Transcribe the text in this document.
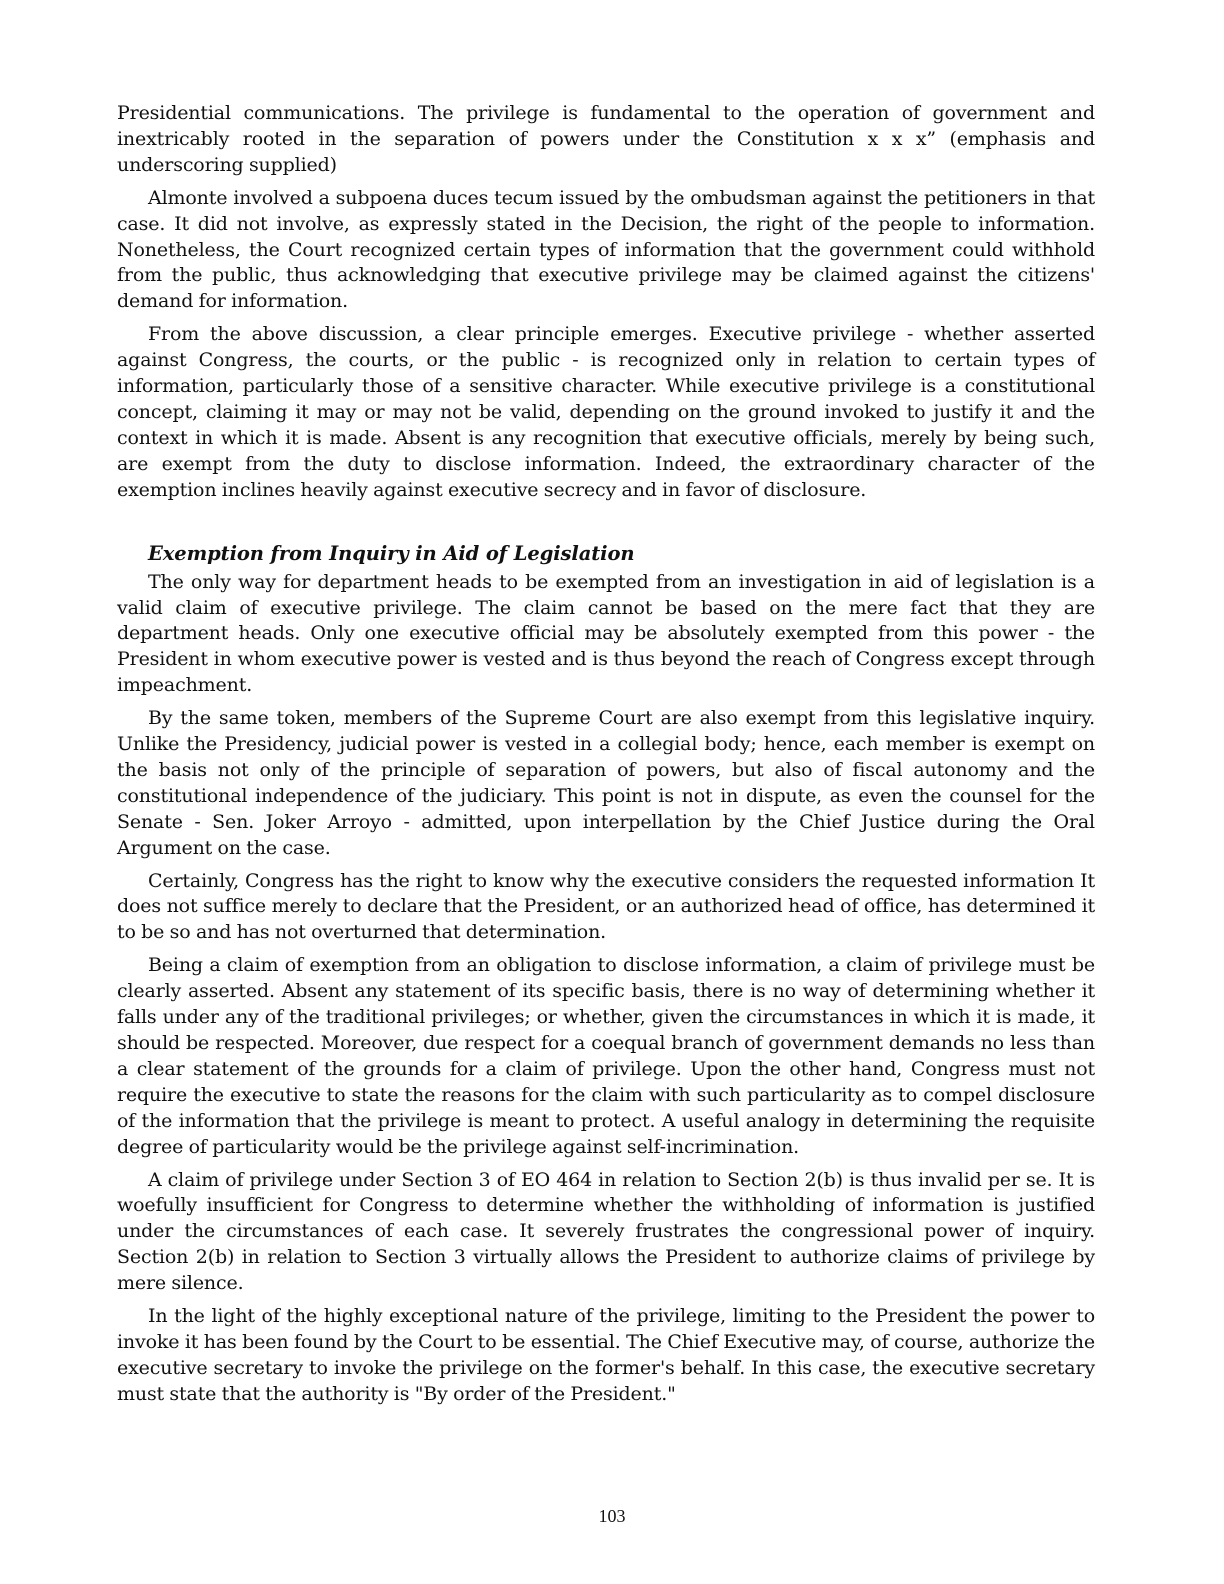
Presidential communications. The privilege is fundamental to the operation of government and inextricably rooted in the separation of powers under the Constitution x x x” (emphasis and underscoring supplied)

Almonte involved a subpoena duces tecum issued by the ombudsman against the petitioners in that case. It did not involve, as expressly stated in the Decision, the right of the people to information. Nonetheless, the Court recognized certain types of information that the government could withhold from the public, thus acknowledging that executive privilege may be claimed against the citizens' demand for information.

From the above discussion, a clear principle emerges. Executive privilege - whether asserted against Congress, the courts, or the public - is recognized only in relation to certain types of information, particularly those of a sensitive character. While executive privilege is a constitutional concept, claiming it may or may not be valid, depending on the ground invoked to justify it and the context in which it is made. Absent is any recognition that executive officials, merely by being such, are exempt from the duty to disclose information. Indeed, the extraordinary character of the exemption inclines heavily against executive secrecy and in favor of disclosure.

Exemption from Inquiry in Aid of Legislation

The only way for department heads to be exempted from an investigation in aid of legislation is a valid claim of executive privilege. The claim cannot be based on the mere fact that they are department heads. Only one executive official may be absolutely exempted from this power - the President in whom executive power is vested and is thus beyond the reach of Congress except through impeachment.

By the same token, members of the Supreme Court are also exempt from this legislative inquiry. Unlike the Presidency, judicial power is vested in a collegial body; hence, each member is exempt on the basis not only of the principle of separation of powers, but also of fiscal autonomy and the constitutional independence of the judiciary. This point is not in dispute, as even the counsel for the Senate - Sen. Joker Arroyo - admitted, upon interpellation by the Chief Justice during the Oral Argument on the case.

Certainly, Congress has the right to know why the executive considers the requested information It does not suffice merely to declare that the President, or an authorized head of office, has determined it to be so and has not overturned that determination.

Being a claim of exemption from an obligation to disclose information, a claim of privilege must be clearly asserted. Absent any statement of its specific basis, there is no way of determining whether it falls under any of the traditional privileges; or whether, given the circumstances in which it is made, it should be respected. Moreover, due respect for a coequal branch of government demands no less than a clear statement of the grounds for a claim of privilege. Upon the other hand, Congress must not require the executive to state the reasons for the claim with such particularity as to compel disclosure of the information that the privilege is meant to protect. A useful analogy in determining the requisite degree of particularity would be the privilege against self-incrimination.

A claim of privilege under Section 3 of EO 464 in relation to Section 2(b) is thus invalid per se. It is woefully insufficient for Congress to determine whether the withholding of information is justified under the circumstances of each case. It severely frustrates the congressional power of inquiry. Section 2(b) in relation to Section 3 virtually allows the President to authorize claims of privilege by mere silence.

In the light of the highly exceptional nature of the privilege, limiting to the President the power to invoke it has been found by the Court to be essential. The Chief Executive may, of course, authorize the executive secretary to invoke the privilege on the former's behalf. In this case, the executive secretary must state that the authority is "By order of the President."

103
